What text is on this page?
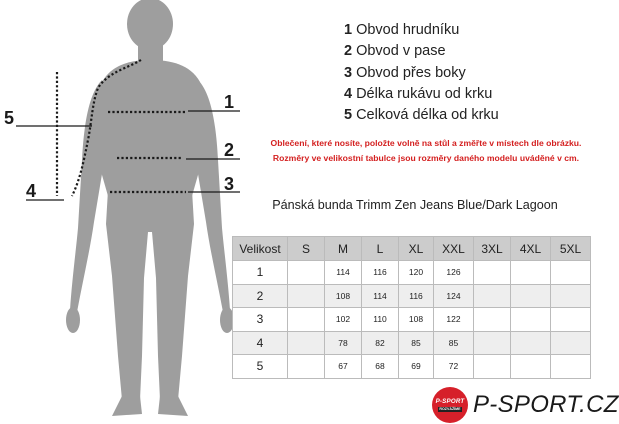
1
2
3
4
5
1 Obvod hrudníku
2 Obvod v pase
3 Obvod přes boky
4 Délka rukávu od krku
5 Celková délka od krku
Oblečení, které nosíte, položte volně na stůl a změřte v místech dle obrázku.
Rozměry ve velikostní tabulce jsou rozměry daného modelu uváděné v cm.
Pánská bunda Trimm Zen Jeans Blue/Dark Lagoon
Velikost	S	M	L	XL	XXL	3XL	4XL	5XL
1		114	116	120	126			
2		108	114	116	124			
3		102	110	108	122			
4		78	82	85	85			
5		67	68	69	72			
P-SPORT
ROZVÁŽÍME P-SPORT.CZ
